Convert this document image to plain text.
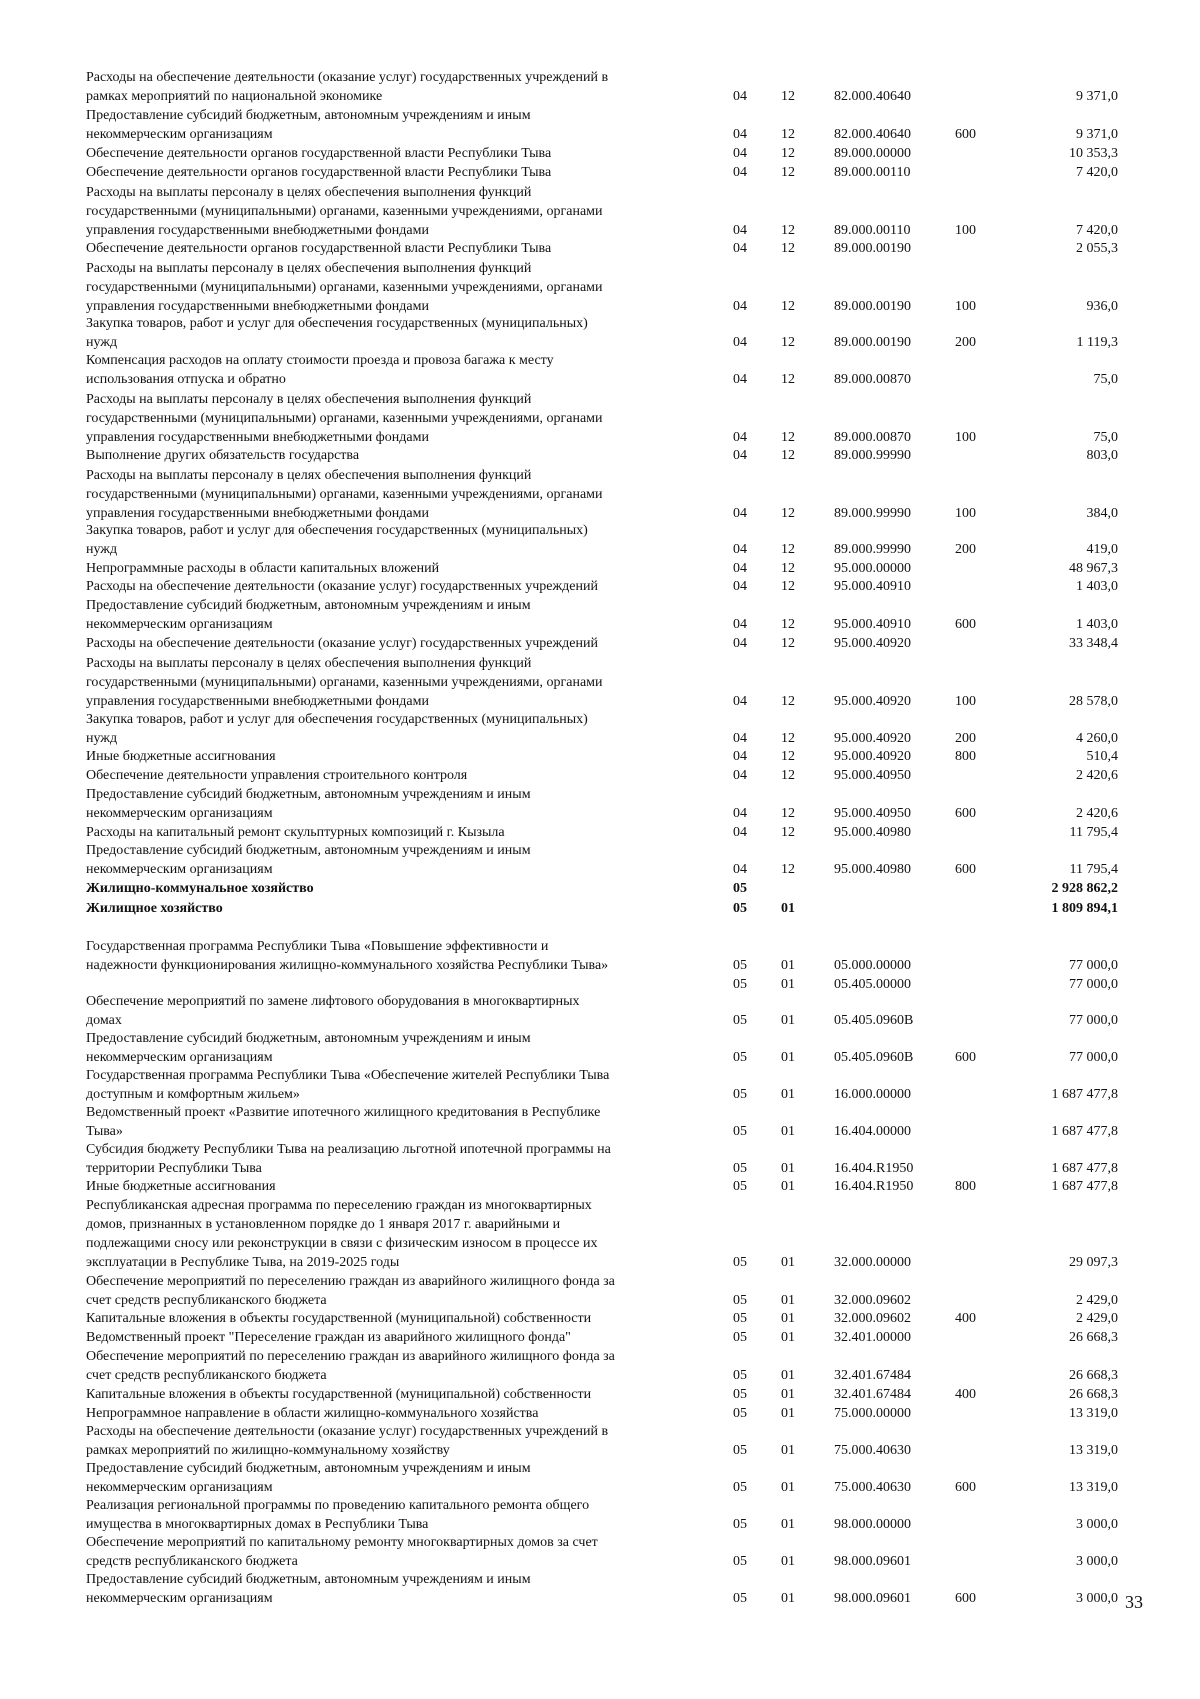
Расходы на обеспечение деятельности (оказание услуг) государственных учреждений в
рамках мероприятий по национальной экономике	04 12	82.000.40640	9 371,0
Предоставление субсидий бюджетным, автономным учреждениям и иным
некоммерческим организациям	04 12	82.000.40640	600	9 371,0
Обеспечение деятельности органов государственной власти Республики Тыва	04 12	89.000.00000	10 353,3
Обеспечение деятельности органов государственной власти Республики Тыва	04 12	89.000.00110	7 420,0
Расходы на выплаты персоналу в целях обеспечения выполнения функций
государственными (муниципальными) органами, казенными учреждениями, органами
управления государственными внебюджетными фондами	04 12	89.000.00110	100	7 420,0
Обеспечение деятельности органов государственной власти Республики Тыва	04 12	89.000.00190	2 055,3
Расходы на выплаты персоналу в целях обеспечения выполнения функций
государственными (муниципальными) органами, казенными учреждениями, органами
управления государственными внебюджетными фондами	04 12	89.000.00190	100	936,0
Закупка товаров, работ и услуг для обеспечения государственных (муниципальных)
нужд	04 12	89.000.00190	200	1 119,3
Компенсация расходов на оплату стоимости проезда и провоза багажа к месту
использования отпуска и обратно	04 12	89.000.00870	75,0
Расходы на выплаты персоналу в целях обеспечения выполнения функций
государственными (муниципальными) органами, казенными учреждениями, органами
управления государственными внебюджетными фондами	04 12	89.000.00870	100	75,0
Выполнение других обязательств государства	04 12	89.000.99990	803,0
Расходы на выплаты персоналу в целях обеспечения выполнения функций
государственными (муниципальными) органами, казенными учреждениями, органами
управления государственными внебюджетными фондами	04 12	89.000.99990	100	384,0
Закупка товаров, работ и услуг для обеспечения государственных (муниципальных)
нужд	04 12	89.000.99990	200	419,0
Непрограммные расходы в области капитальных вложений	04 12	95.000.00000	48 967,3
Расходы на обеспечение деятельности (оказание услуг) государственных учреждений	04 12	95.000.40910	1 403,0
Предоставление субсидий бюджетным, автономным учреждениям и иным
некоммерческим организациям	04 12	95.000.40910	600	1 403,0
Расходы на обеспечение деятельности (оказание услуг) государственных учреждений	04 12	95.000.40920	33 348,4
Расходы на выплаты персоналу в целях обеспечения выполнения функций
государственными (муниципальными) органами, казенными учреждениями, органами
управления государственными внебюджетными фондами	04 12	95.000.40920	100	28 578,0
Закупка товаров, работ и услуг для обеспечения государственных (муниципальных)
нужд	04 12	95.000.40920	200	4 260,0
Иные бюджетные ассигнования	04 12	95.000.40920	800	510,4
Обеспечение деятельности управления строительного контроля	04 12	95.000.40950	2 420,6
Предоставление субсидий бюджетным, автономным учреждениям и иным
некоммерческим организациям	04 12	95.000.40950	600	2 420,6
Расходы на капитальный ремонт скульптурных композиций г. Кызыла	04 12	95.000.40980	11 795,4
Предоставление субсидий бюджетным, автономным учреждениям и иным
некоммерческим организациям	04 12	95.000.40980	600	11 795,4
Жилищно-коммунальное хозяйство	05	2 928 862,2
Жилищное хозяйство	05 01	1 809 894,1
Государственная программа Республики Тыва «Повышение эффективности и
надежности функционирования жилищно-коммунального хозяйства Республики Тыва»	05 01	05.000.00000	77 000,0
05 01	05.405.00000	77 000,0
Обеспечение мероприятий по замене лифтового оборудования в многоквартирных
домах	05 01	05.405.0960В	77 000,0
Предоставление субсидий бюджетным, автономным учреждениям и иным
некоммерческим организациям	05 01	05.405.0960В	600	77 000,0
Государственная программа Республики Тыва «Обеспечение жителей Республики Тыва
доступным и комфортным жильем»	05 01	16.000.00000	1 687 477,8
Ведомственный проект «Развитие ипотечного жилищного кредитования в Республике
Тыва»	05 01	16.404.00000	1 687 477,8
Субсидия бюджету Республики Тыва на реализацию льготной ипотечной программы на
территории Республики Тыва	05 01	16.404.R1950	1 687 477,8
Иные бюджетные ассигнования	05 01	16.404.R1950	800	1 687 477,8
Республиканская адресная программа по переселению граждан из многоквартирных
домов, признанных в установленном порядке до 1 января 2017 г. аварийными и
подлежащими сносу или реконструкции в связи с физическим износом в процессе их
эксплуатации в Республике Тыва, на 2019-2025 годы	05 01	32.000.00000	29 097,3
Обеспечение мероприятий по переселению граждан из аварийного жилищного фонда за
счет средств республиканского бюджета	05 01	32.000.09602	2 429,0
Капитальные вложения в объекты государственной (муниципальной) собственности	05 01	32.000.09602	400	2 429,0
Ведомственный проект "Переселение граждан из аварийного жилищного фонда"	05 01	32.401.00000	26 668,3
Обеспечение мероприятий по переселению граждан из аварийного жилищного фонда за
счет средств республиканского бюджета	05 01	32.401.67484	26 668,3
Капитальные вложения в объекты государственной (муниципальной) собственности	05 01	32.401.67484	400	26 668,3
Непрограммное направление в области жилищно-коммунального хозяйства	05 01	75.000.00000	13 319,0
Расходы на обеспечение деятельности (оказание услуг) государственных учреждений в
рамках мероприятий по жилищно-коммунальному хозяйству	05 01	75.000.40630	13 319,0
Предоставление субсидий бюджетным, автономным учреждениям и иным
некоммерческим организациям	05 01	75.000.40630	600	13 319,0
Реализация региональной программы по проведению капитального ремонта общего
имущества в многоквартирных домах в Республики Тыва	05 01	98.000.00000	3 000,0
Обеспечение мероприятий по капитальному ремонту многоквартирных домов за счет
средств республиканского бюджета	05 01	98.000.09601	3 000,0
Предоставление субсидий бюджетным, автономным учреждениям и иным
некоммерческим организациям	05 01	98.000.09601	600	3 000,0 33
